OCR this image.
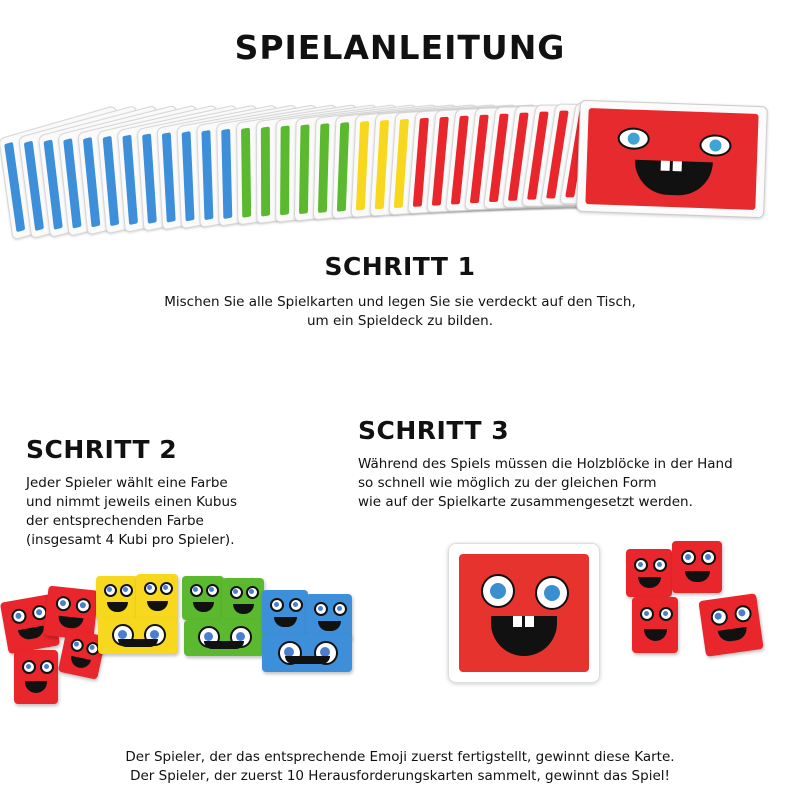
SPIELANLEITUNG
SCHRITT 1
Mischen Sie alle Spielkarten und legen Sie sie verdeckt auf den Tisch,
um ein Spieldeck zu bilden.
SCHRITT 2
Jeder Spieler wählt eine Farbe
und nimmt jeweils einen Kubus
der entsprechenden Farbe
(insgesamt 4 Kubi pro Spieler).
SCHRITT 3
Während des Spiels müssen die Holzblöcke in der Hand
so schnell wie möglich zu der gleichen Form
wie auf der Spielkarte zusammengesetzt werden.
Der Spieler, der das entsprechende Emoji zuerst fertigstellt, gewinnt diese Karte.
Der Spieler, der zuerst 10 Herausforderungskarten sammelt, gewinnt das Spiel!
